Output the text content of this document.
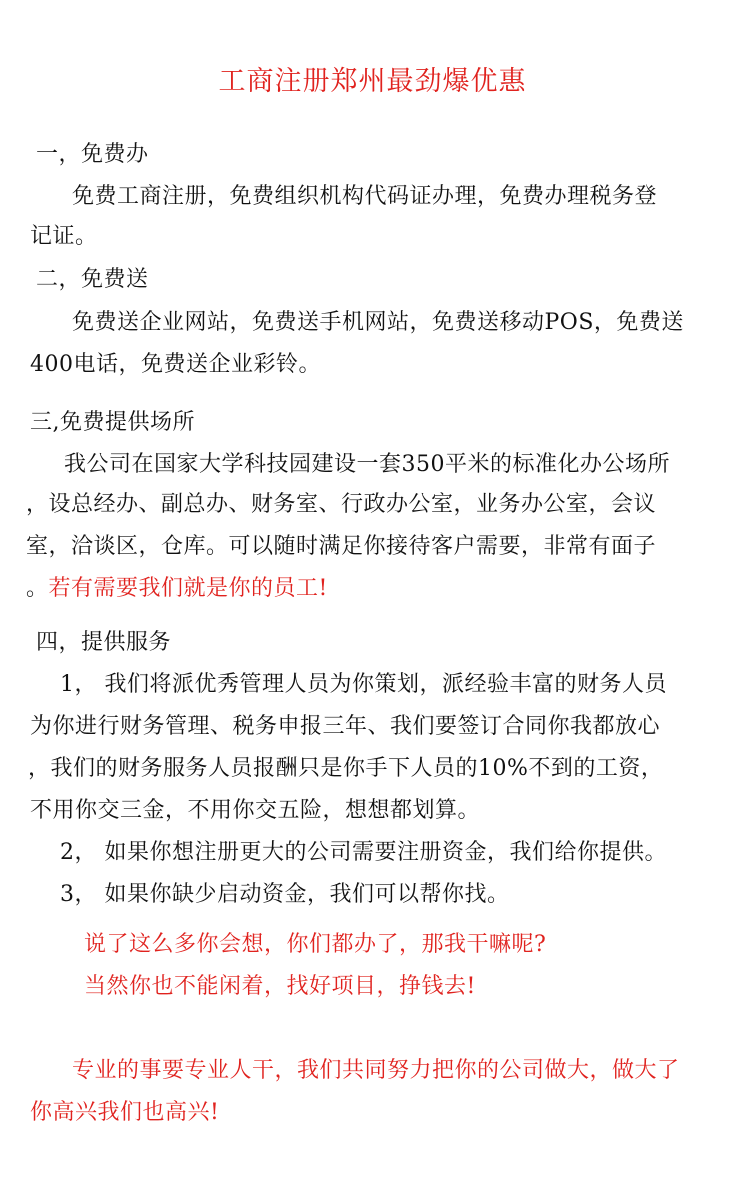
工商注册郑州最劲爆优惠
一，免费办
免费工商注册，免费组织机构代码证办理，免费办理税务登
记证。
二，免费送
免费送企业网站，免费送手机网站，免费送移动POS，免费送
400电话，免费送企业彩铃。
三,免费提供场所
我公司在国家大学科技园建设一套350平米的标准化办公场所
，设总经办、副总办、财务室、行政办公室，业务办公室，会议
室，洽谈区，仓库。可以随时满足你接待客户需要，非常有面子
。若有需要我们就是你的员工!
四，提供服务
1， 我们将派优秀管理人员为你策划，派经验丰富的财务人员
为你进行财务管理、税务申报三年、我们要签订合同你我都放心
，我们的财务服务人员报酬只是你手下人员的10%不到的工资，
不用你交三金，不用你交五险，想想都划算。
2， 如果你想注册更大的公司需要注册资金，我们给你提供。
3， 如果你缺少启动资金，我们可以帮你找。
说了这么多你会想，你们都办了，那我干嘛呢?
当然你也不能闲着，找好项目，挣钱去!
专业的事要专业人干，我们共同努力把你的公司做大，做大了
你高兴我们也高兴!
